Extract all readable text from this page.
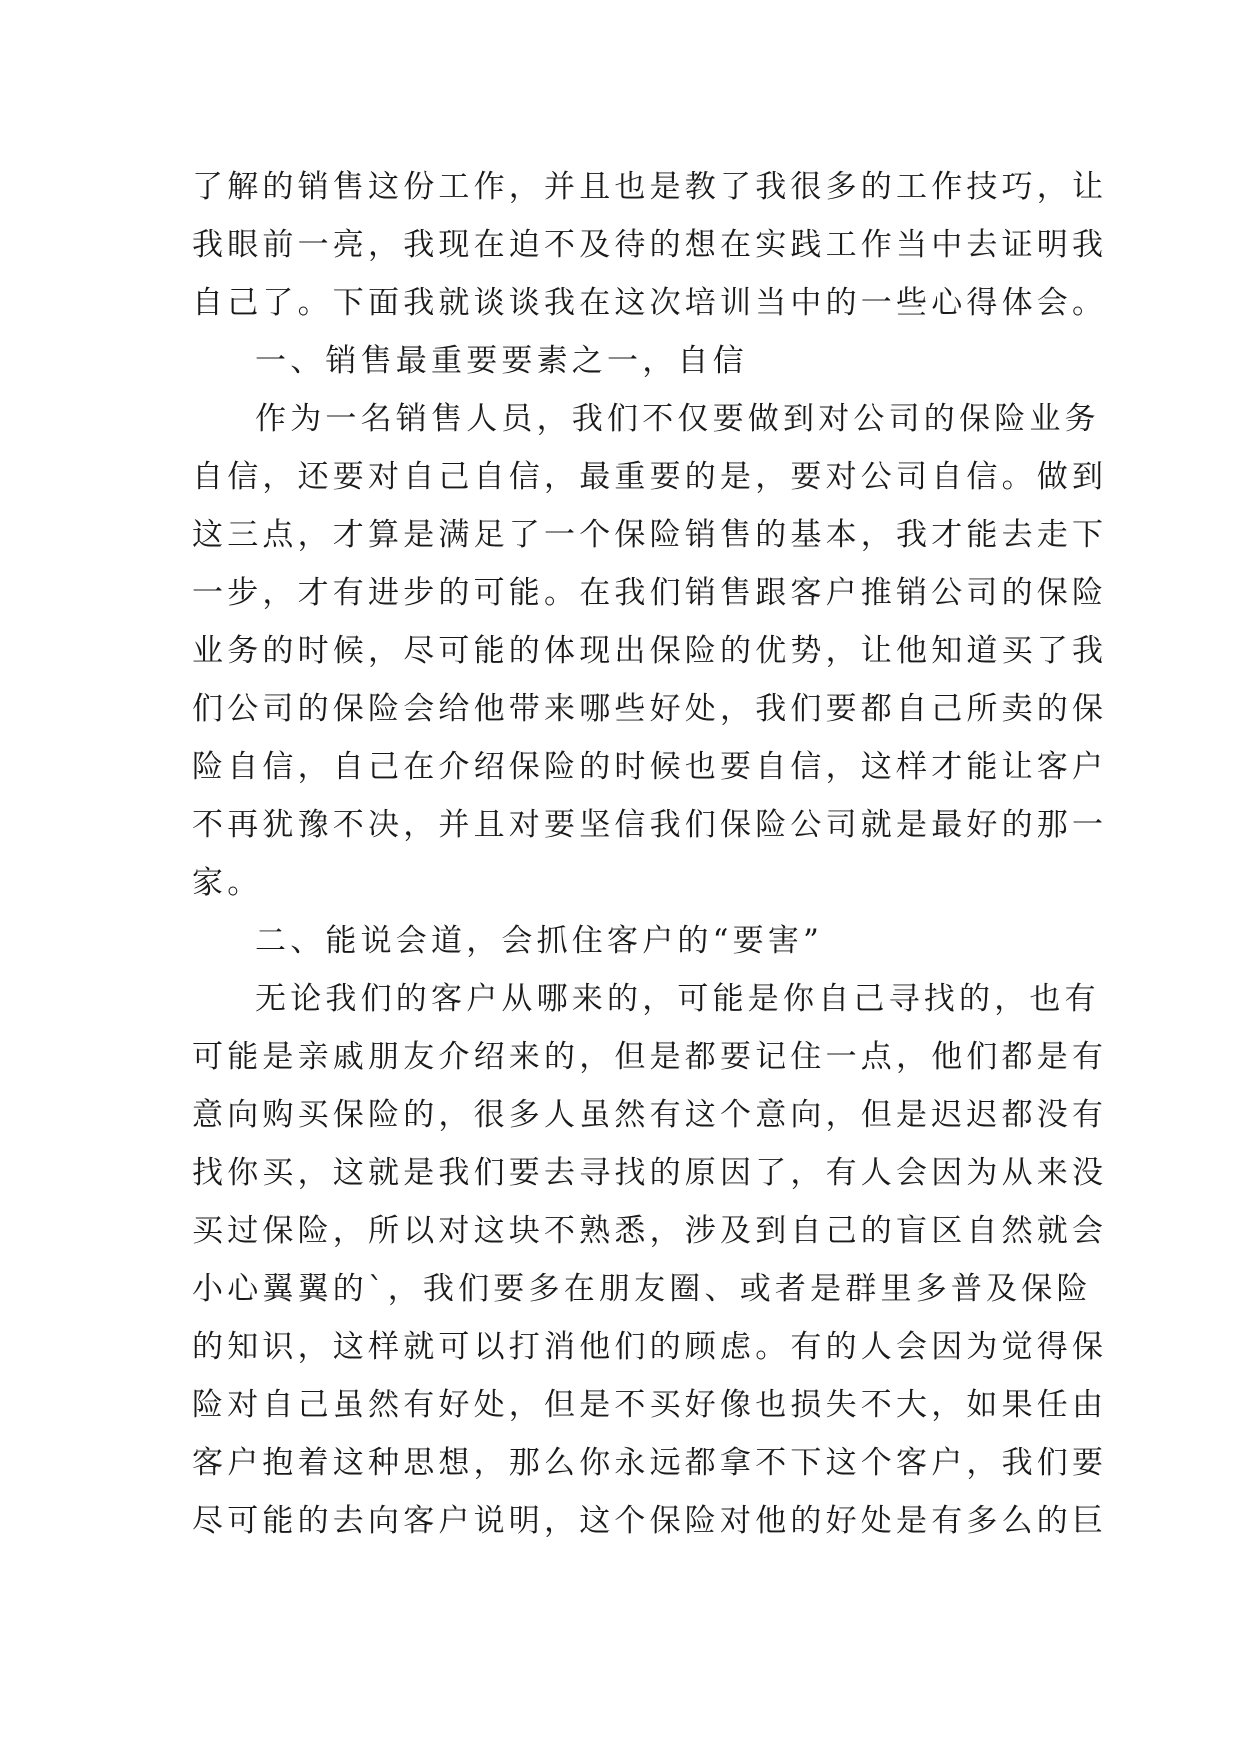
了解的销售这份工作，并且也是教了我很多的工作技巧，让
我眼前一亮，我现在迫不及待的想在实践工作当中去证明我
自己了。下面我就谈谈我在这次培训当中的一些心得体会。
一、销售最重要要素之一，自信
作为一名销售人员，我们不仅要做到对公司的保险业务
自信，还要对自己自信，最重要的是，要对公司自信。做到
这三点，才算是满足了一个保险销售的基本，我才能去走下
一步，才有进步的可能。在我们销售跟客户推销公司的保险
业务的时候，尽可能的体现出保险的优势，让他知道买了我
们公司的保险会给他带来哪些好处，我们要都自己所卖的保
险自信，自己在介绍保险的时候也要自信，这样才能让客户
不再犹豫不决，并且对要坚信我们保险公司就是最好的那一
家。
二、能说会道，会抓住客户的“要害”
无论我们的客户从哪来的，可能是你自己寻找的，也有
可能是亲戚朋友介绍来的，但是都要记住一点，他们都是有
意向购买保险的，很多人虽然有这个意向，但是迟迟都没有
找你买，这就是我们要去寻找的原因了，有人会因为从来没
买过保险，所以对这块不熟悉，涉及到自己的盲区自然就会
小心翼翼的`，我们要多在朋友圈、或者是群里多普及保险
的知识，这样就可以打消他们的顾虑。有的人会因为觉得保
险对自己虽然有好处，但是不买好像也损失不大，如果任由
客户抱着这种思想，那么你永远都拿不下这个客户，我们要
尽可能的去向客户说明，这个保险对他的好处是有多么的巨
